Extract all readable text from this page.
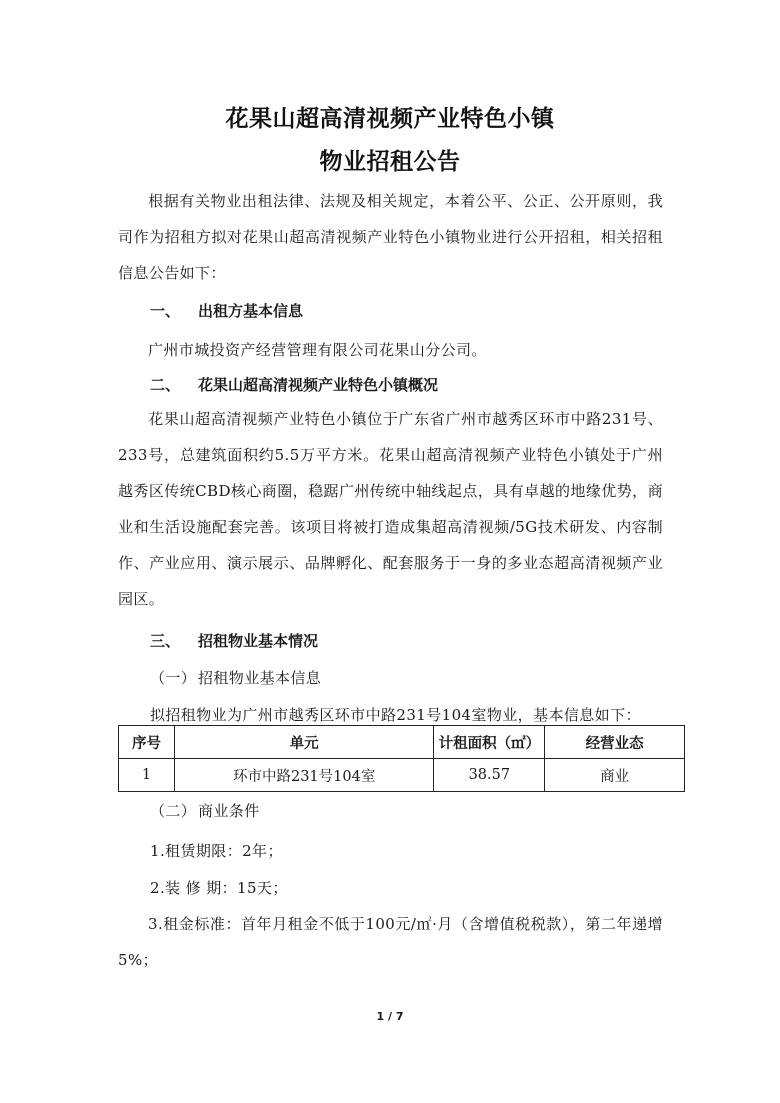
花果山超高清视频产业特色小镇
物业招租公告
根据有关物业出租法律、法规及相关规定，本着公平、公正、公开原则，我司作为招租方拟对花果山超高清视频产业特色小镇物业进行公开招租，相关招租信息公告如下：
一、 出租方基本信息
广州市城投资产经营管理有限公司花果山分公司。
二、 花果山超高清视频产业特色小镇概况
花果山超高清视频产业特色小镇位于广东省广州市越秀区环市中路231号、233号，总建筑面积约5.5万平方米。花果山超高清视频产业特色小镇处于广州越秀区传统CBD核心商圈，稳踞广州传统中轴线起点，具有卓越的地缘优势，商业和生活设施配套完善。该项目将被打造成集超高清视频/5G技术研发、内容制作、产业应用、演示展示、品牌孵化、配套服务于一身的多业态超高清视频产业园区。
三、 招租物业基本情况
（一） 招租物业基本信息
拟招租物业为广州市越秀区环市中路231号104室物业，基本信息如下：
序号	单元	计租面积（㎡）	经营业态
1	环市中路231号104室	38.57	商业
（二） 商业条件
1.租赁期限：2年；
2.装 修 期：15天；
3.租金标准：首年月租金不低于100元/㎡·月（含增值税税款），第二年递增5%；
1 / 7
